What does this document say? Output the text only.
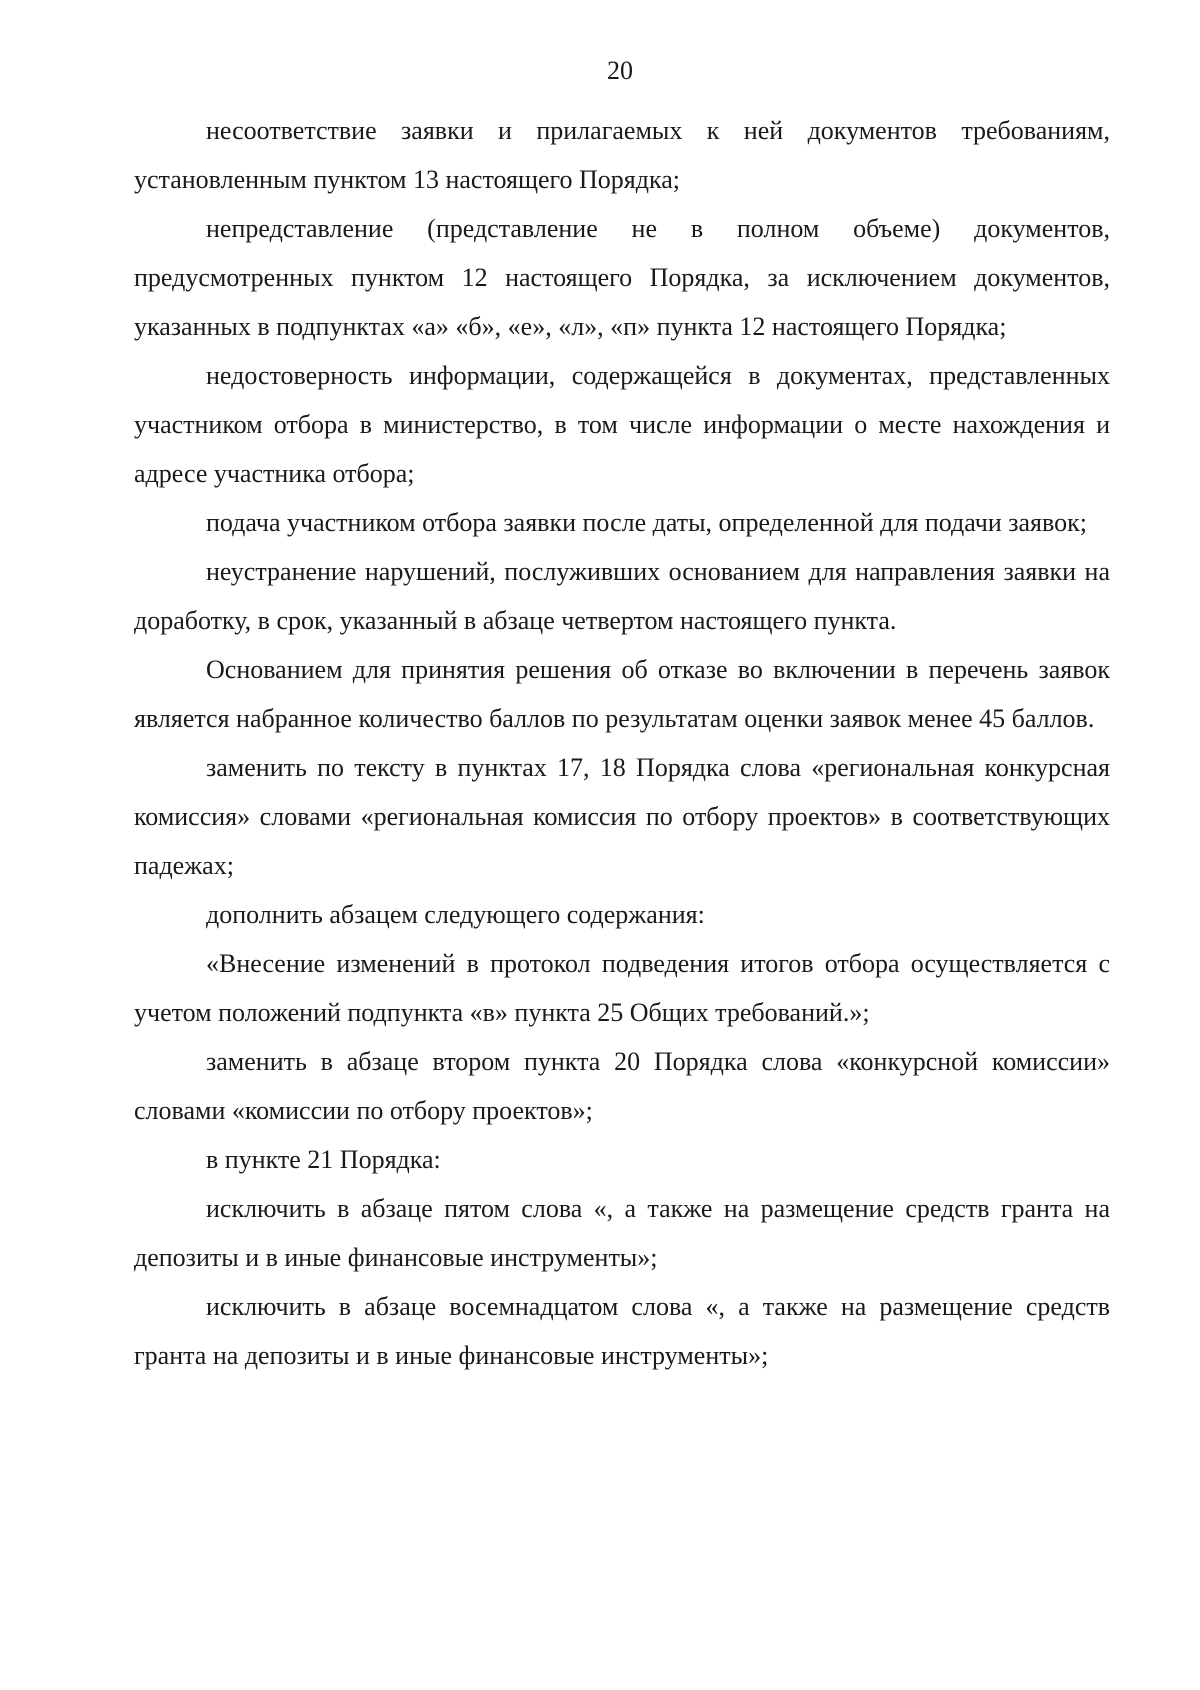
20

несоответствие заявки и прилагаемых к ней документов требованиям, установленным пунктом 13 настоящего Порядка;

непредставление (представление не в полном объеме) документов, предусмотренных пунктом 12 настоящего Порядка, за исключением документов, указанных в подпунктах «а» «б», «е», «л», «п» пункта 12 настоящего Порядка;

недостоверность информации, содержащейся в документах, представленных участником отбора в министерство, в том числе информации о месте нахождения и адресе участника отбора;

подача участником отбора заявки после даты, определенной для подачи заявок;

неустранение нарушений, послуживших основанием для направления заявки на доработку, в срок, указанный в абзаце четвертом настоящего пункта.

Основанием для принятия решения об отказе во включении в перечень заявок является набранное количество баллов по результатам оценки заявок менее 45 баллов.

заменить по тексту в пунктах 17, 18 Порядка слова «региональная конкурсная комиссия» словами «региональная комиссия по отбору проектов» в соответствующих падежах;

дополнить абзацем следующего содержания:

«Внесение изменений в протокол подведения итогов отбора осуществляется с учетом положений подпункта «в» пункта 25 Общих требований.»;

заменить в абзаце втором пункта 20 Порядка слова «конкурсной комиссии» словами «комиссии по отбору проектов»;

в пункте 21 Порядка:

исключить в абзаце пятом слова «, а также на размещение средств гранта на депозиты и в иные финансовые инструменты»;

исключить в абзаце восемнадцатом слова «, а также на размещение средств гранта на депозиты и в иные финансовые инструменты»;
